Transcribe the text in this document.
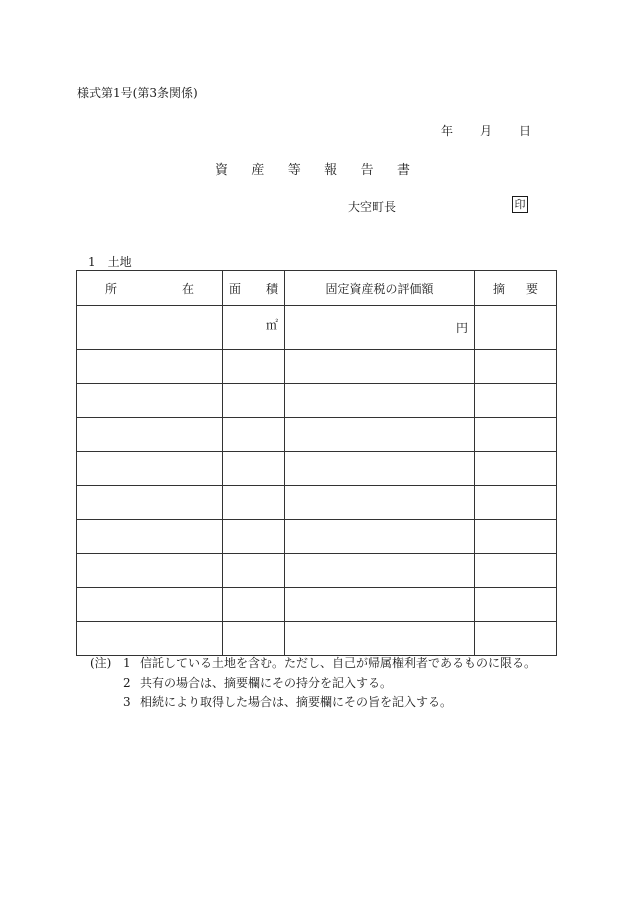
様式第1号(第3条関係)
年 月 日
資 産 等 報 告 書
大空町長	印
1 土地
所 在	面 積	固定資産税の評価額	摘 要

	㎡	円	

(注) 1 信託している土地を含む。ただし、自己が帰属権利者であるものに限る。
2 共有の場合は、摘要欄にその持分を記入する。
3 相続により取得した場合は、摘要欄にその旨を記入する。
